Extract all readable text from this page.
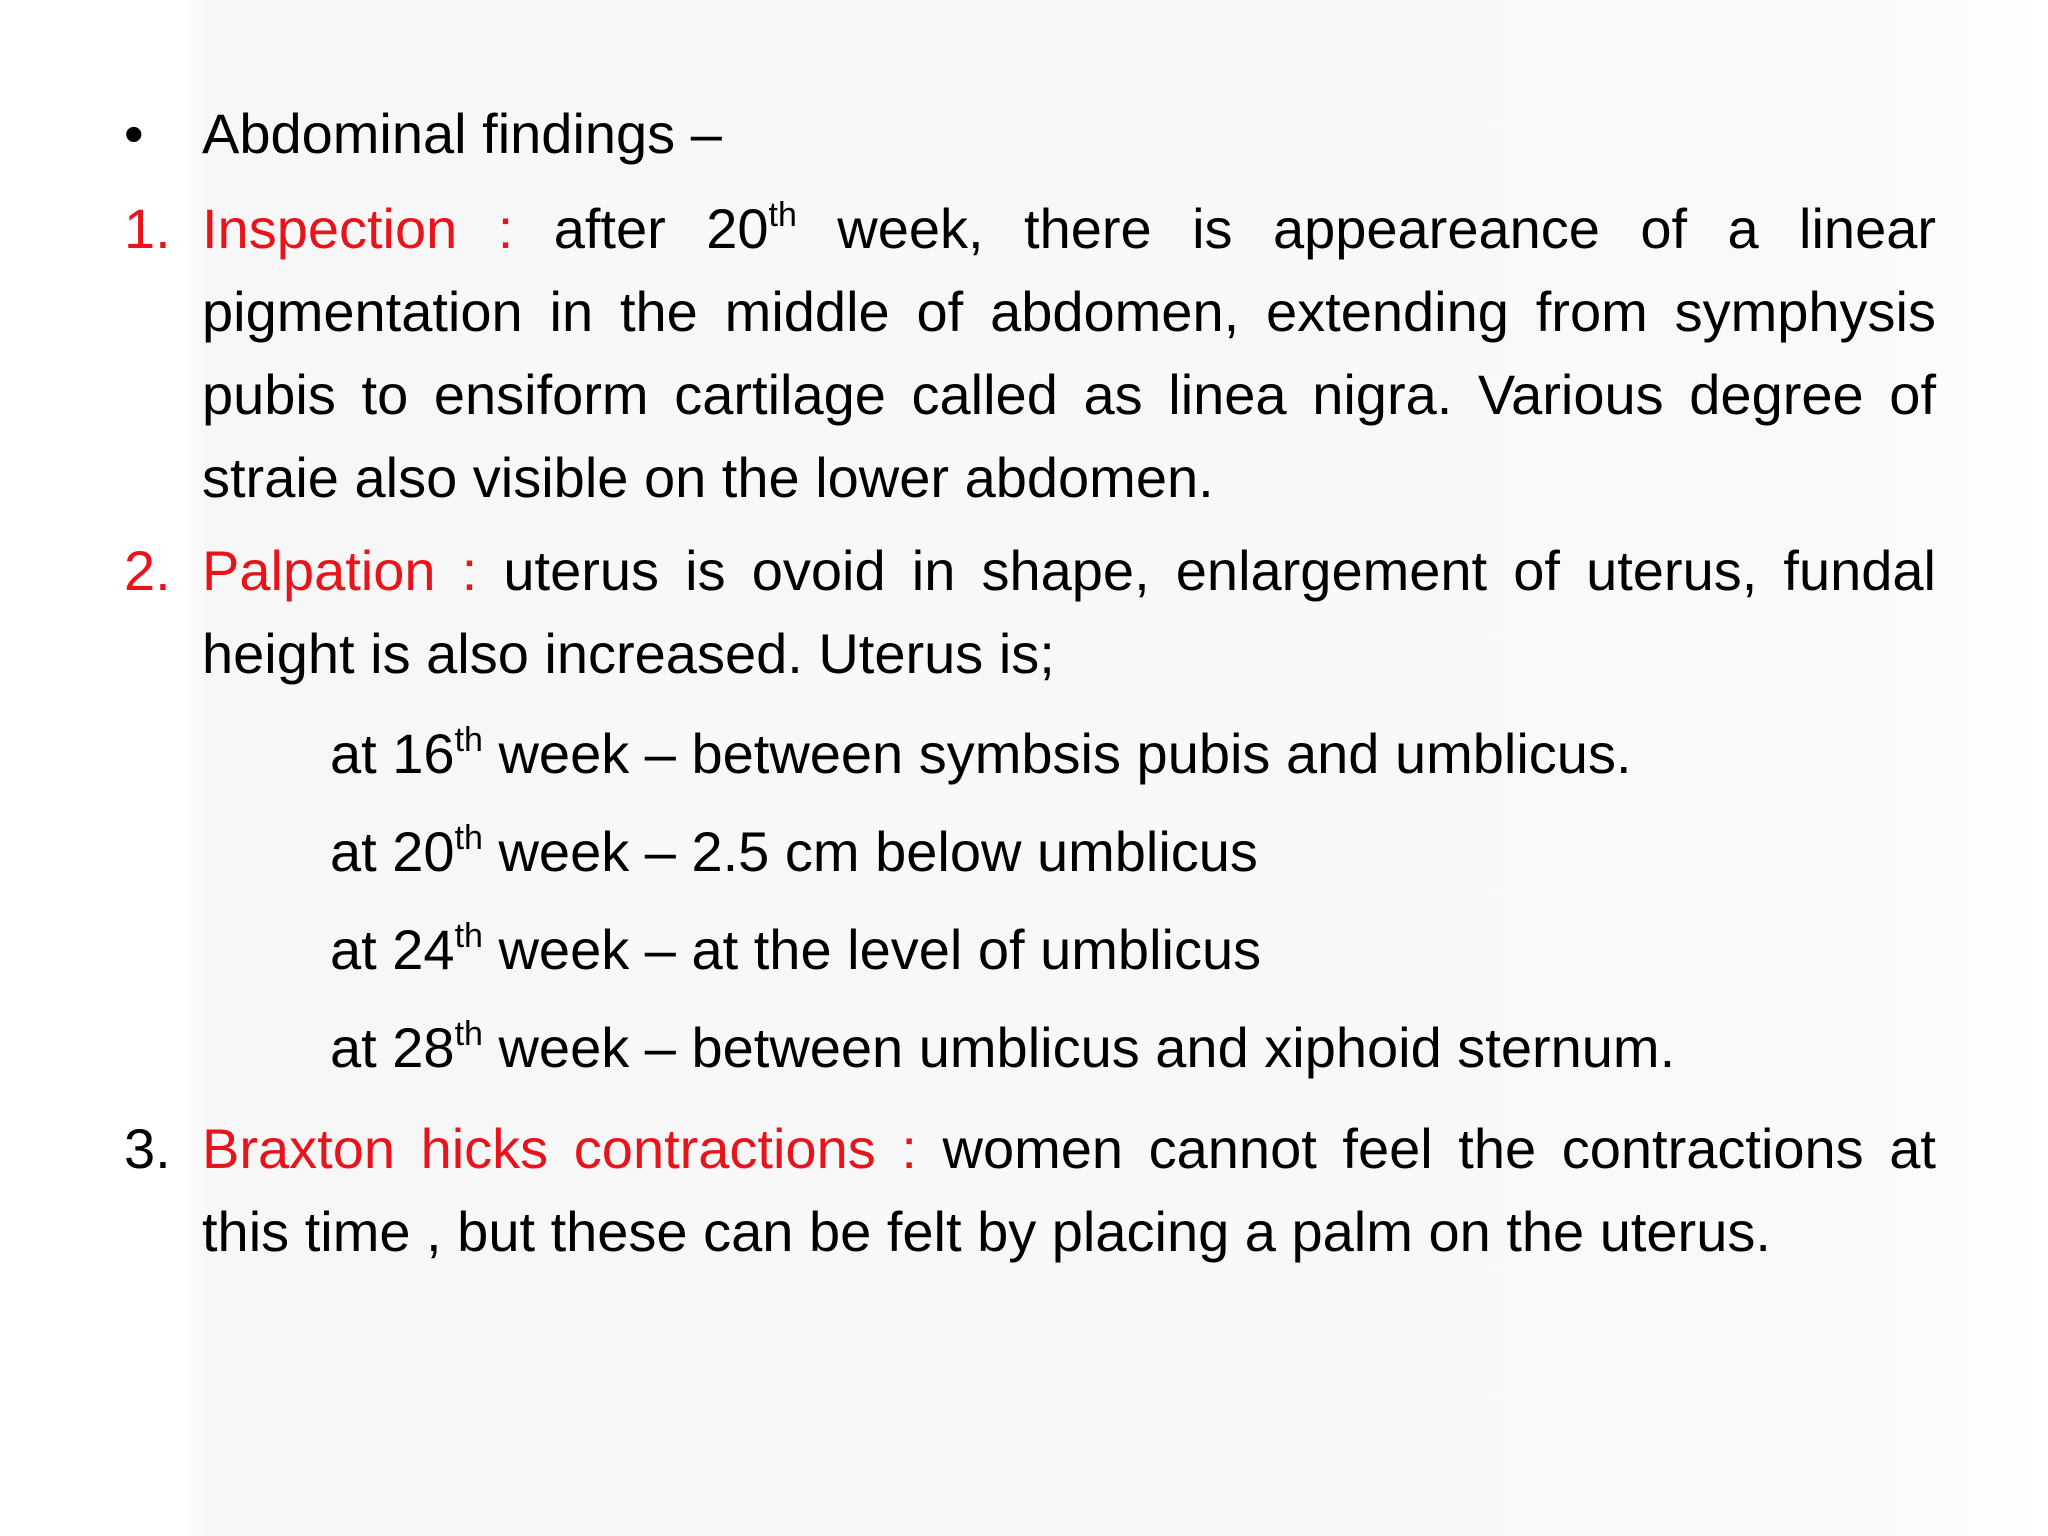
•	Abdominal findings –
1. Inspection : after 20th week, there is appeareance of a linear pigmentation in the middle of abdomen, extending from symphysis pubis to ensiform cartilage called as linea nigra. Various degree of straie also visible on the lower abdomen.
2. Palpation : uterus is ovoid in shape, enlargement of uterus, fundal height is also increased. Uterus is;
at 16th week – between symbsis pubis and umblicus.
at 20th week – 2.5 cm below umblicus
at 24th week – at the level of umblicus
at 28th week – between umblicus and xiphoid sternum.
3. Braxton hicks contractions : women cannot feel the contractions at this time , but these can be felt by placing a palm on the uterus.
